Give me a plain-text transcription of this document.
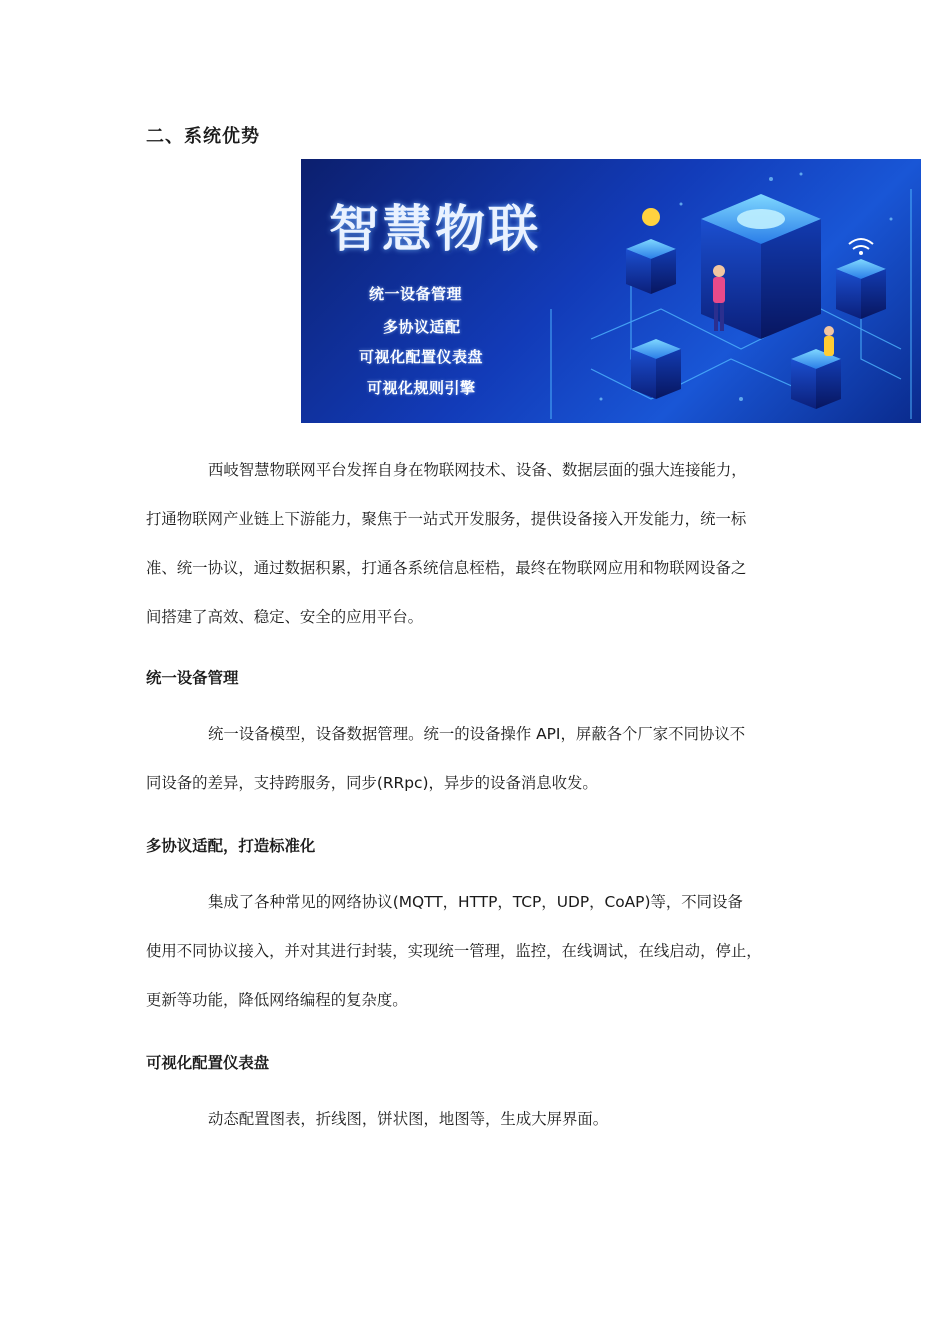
二、系统优势
智慧物联
统一设备管理
多协议适配
可视化配置仪表盘
可视化规则引擎
西岐智慧物联网平台发挥自身在物联网技术、设备、数据层面的强大连接能力，
打通物联网产业链上下游能力，聚焦于一站式开发服务，提供设备接入开发能力，统一标
准、统一协议，通过数据积累，打通各系统信息桎梏，最终在物联网应用和物联网设备之
间搭建了高效、稳定、安全的应用平台。
统一设备管理
统一设备模型，设备数据管理。统一的设备操作 API，屏蔽各个厂家不同协议不
同设备的差异，支持跨服务，同步(RRpc)，异步的设备消息收发。
多协议适配，打造标准化
集成了各种常见的网络协议(MQTT，HTTP，TCP，UDP，CoAP)等，不同设备
使用不同协议接入，并对其进行封装，实现统一管理，监控，在线调试，在线启动，停止，
更新等功能，降低网络编程的复杂度。
可视化配置仪表盘
动态配置图表，折线图，饼状图，地图等，生成大屏界面。
